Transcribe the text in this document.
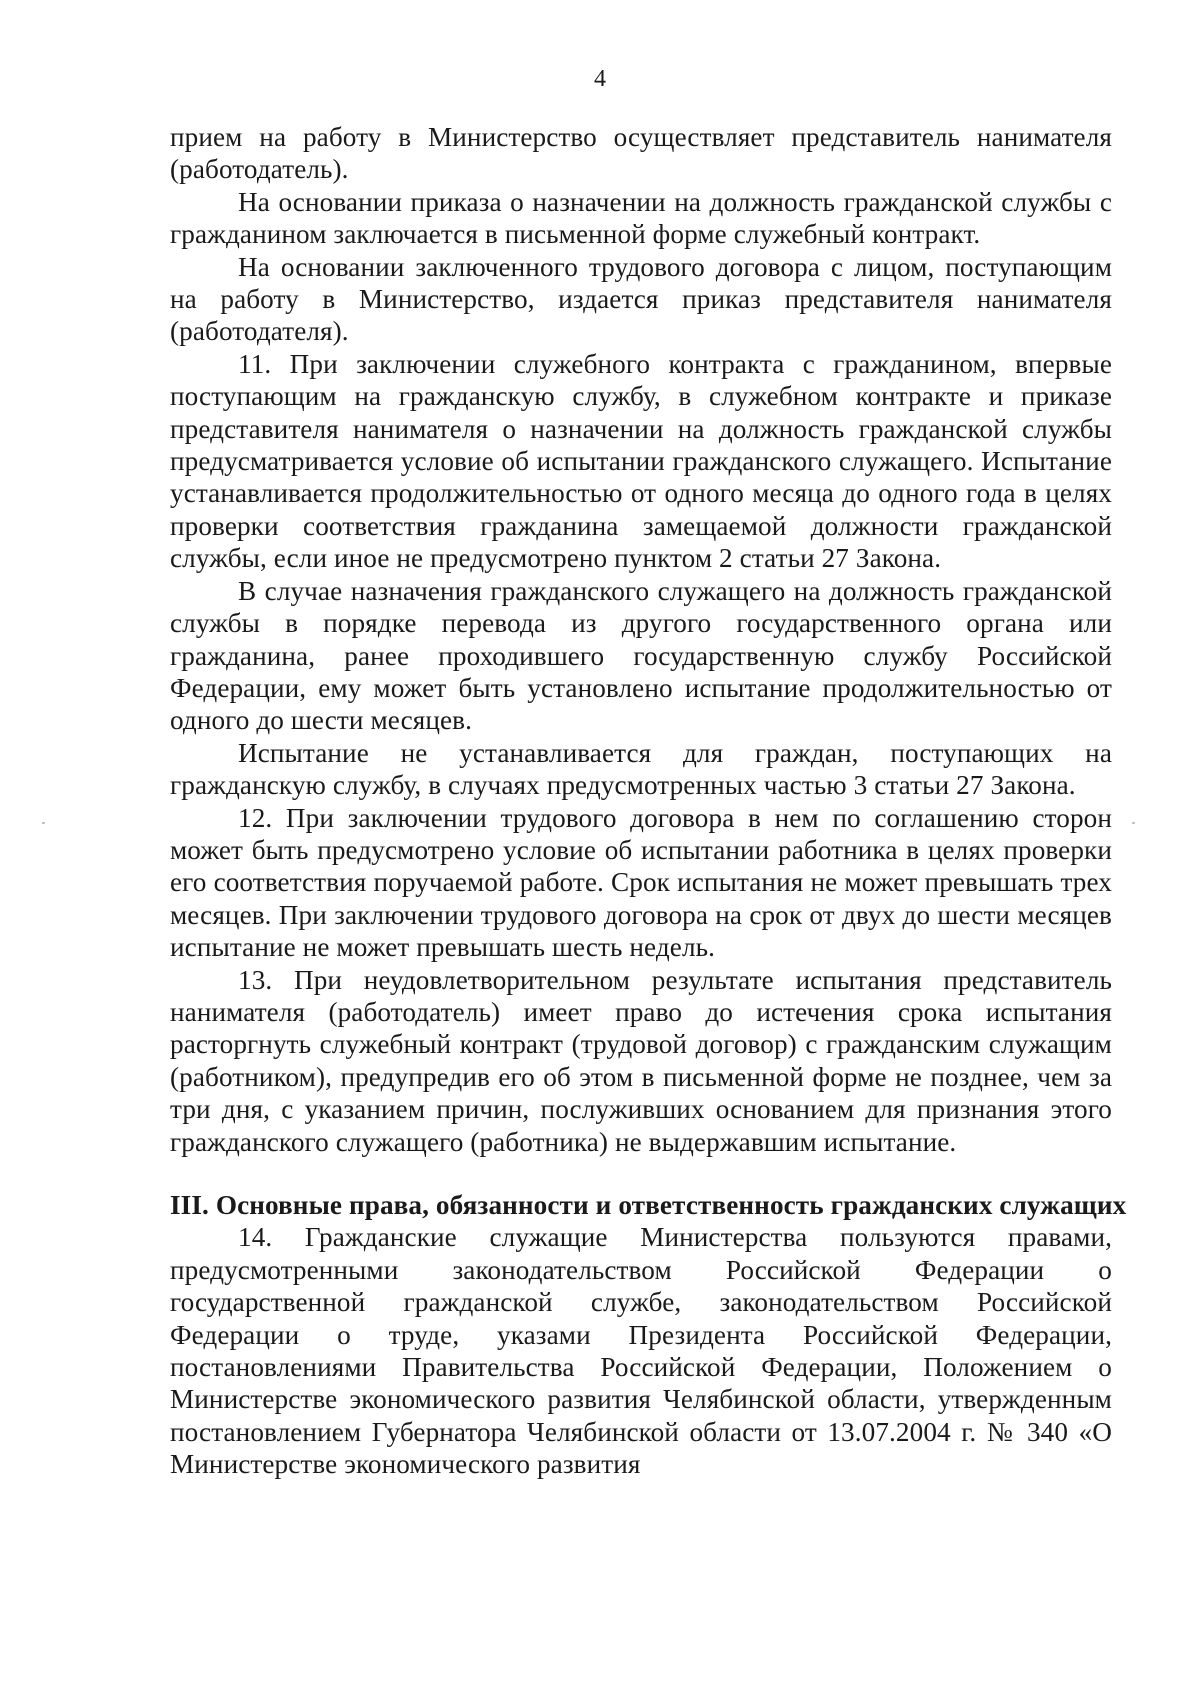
4

прием на работу в Министерство осуществляет представитель нанимателя (работодатель).

На основании приказа о назначении на должность гражданской службы с гражданином заключается в письменной форме служебный контракт.

На основании заключенного трудового договора с лицом, поступающим на работу в Министерство, издается приказ представителя нанимателя (работодателя).

11. При заключении служебного контракта с гражданином, впервые поступающим на гражданскую службу, в служебном контракте и приказе представителя нанимателя о назначении на должность гражданской службы предусматривается условие об испытании гражданского служащего. Испытание устанавливается продолжительностью от одного месяца до одного года в целях проверки соответствия гражданина замещаемой должности гражданской службы, если иное не предусмотрено пунктом 2 статьи 27 Закона.

В случае назначения гражданского служащего на должность гражданской службы в порядке перевода из другого государственного органа или гражданина, ранее проходившего государственную службу Российской Федерации, ему может быть установлено испытание продолжительностью от одного до шести месяцев.

Испытание не устанавливается для граждан, поступающих на гражданскую службу, в случаях предусмотренных частью 3 статьи 27 Закона.

12. При заключении трудового договора в нем по соглашению сторон может быть предусмотрено условие об испытании работника в целях проверки его соответствия поручаемой работе. Срок испытания не может превышать трех месяцев. При заключении трудового договора на срок от двух до шести месяцев испытание не может превышать шесть недель.

13. При неудовлетворительном результате испытания представитель нанимателя (работодатель) имеет право до истечения срока испытания расторгнуть служебный контракт (трудовой договор) с гражданским служащим (работником), предупредив его об этом в письменной форме не позднее, чем за три дня, с указанием причин, послуживших основанием для признания этого гражданского служащего (работника) не выдержавшим испытание.

III. Основные права, обязанности и ответственность гражданских служащих

14. Гражданские служащие Министерства пользуются правами, предусмотренными законодательством Российской Федерации о государственной гражданской службе, законодательством Российской Федерации о труде, указами Президента Российской Федерации, постановлениями Правительства Российской Федерации, Положением о Министерстве экономического развития Челябинской области, утвержденным постановлением Губернатора Челябинской области от 13.07.2004 г. № 340 «О Министерстве экономического развития
